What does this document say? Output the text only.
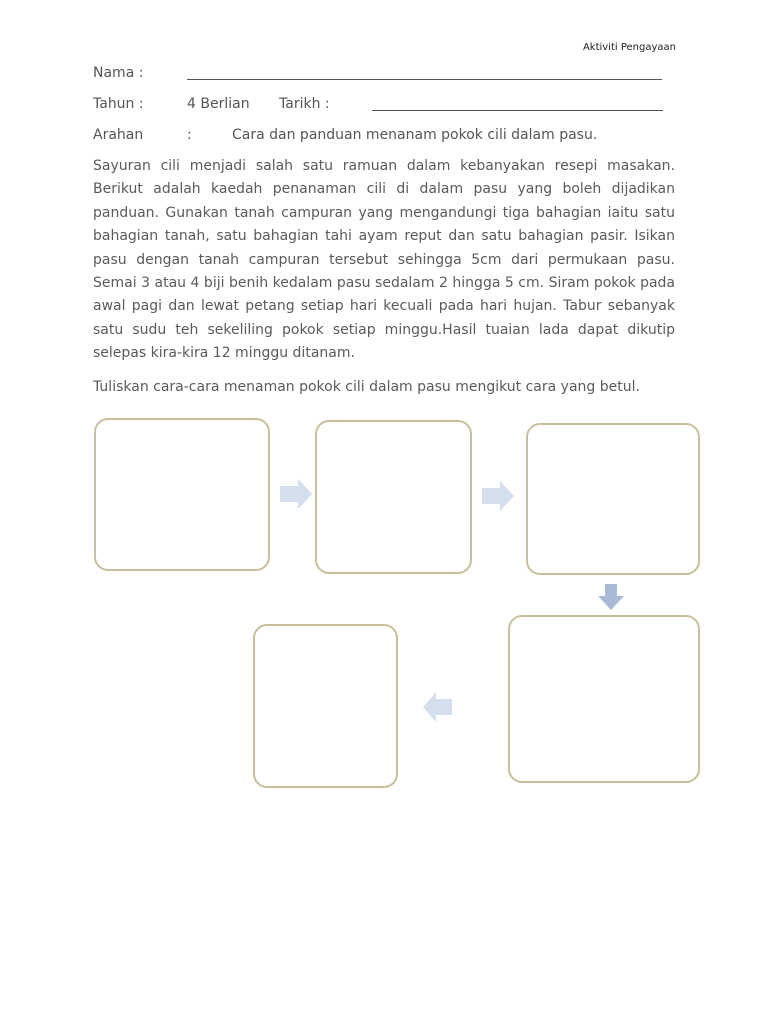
Aktiviti Pengayaan
Nama :
Tahun :	4 Berlian Tarikh :
Arahan	:	Cara dan panduan menanam pokok cili dalam pasu.

Sayuran cili menjadi salah satu ramuan dalam kebanyakan resepi masakan. Berikut adalah kaedah penanaman cili di dalam pasu yang boleh dijadikan panduan. Gunakan tanah campuran yang mengandungi tiga bahagian iaitu satu bahagian tanah, satu bahagian tahi ayam reput dan satu bahagian pasir. Isikan pasu dengan tanah campuran tersebut sehingga 5cm dari permukaan pasu. Semai 3 atau 4 biji benih kedalam pasu sedalam 2 hingga 5 cm. Siram pokok pada awal pagi dan lewat petang setiap hari kecuali pada hari hujan. Tabur sebanyak satu sudu teh sekeliling pokok setiap minggu.Hasil tuaian lada dapat dikutip selepas kira-kira 12 minggu ditanam.

Tuliskan cara-cara menaman pokok cili dalam pasu mengikut cara yang betul.
